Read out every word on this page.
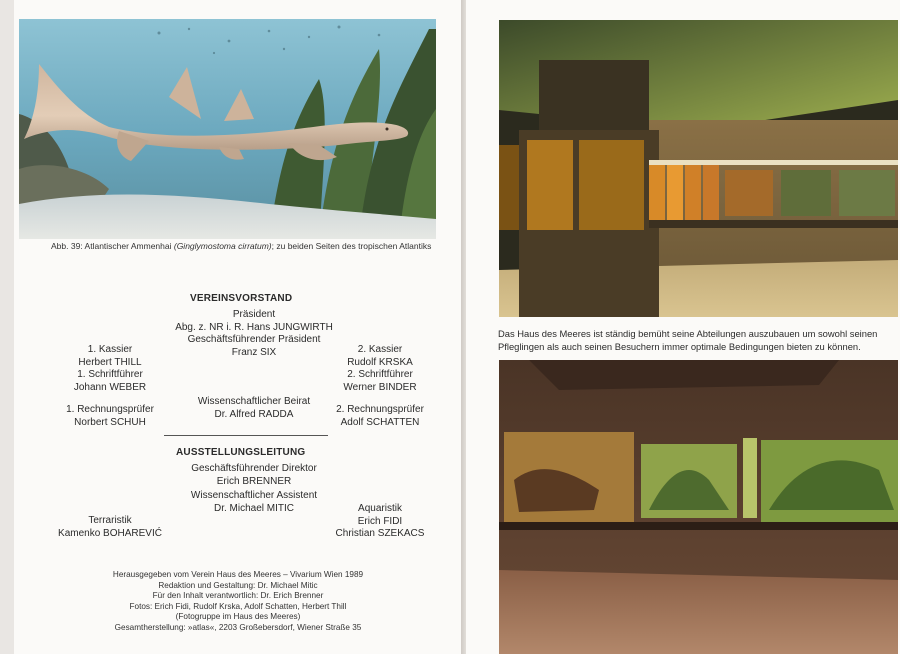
Abb. 39: Atlantischer Ammenhai (Ginglymostoma cirratum); zu beiden Seiten des tropischen Atlantiks
VEREINSVORSTAND
Präsident
Abg. z. NR i. R. Hans JUNGWIRTH
Geschäftsführender Präsident
Franz SIX
1. Kassier
Herbert THILL
2. Kassier
Rudolf KRSKA
1. Schriftführer
Johann WEBER
2. Schriftführer
Werner BINDER
Wissenschaftlicher Beirat
Dr. Alfred RADDA
1. Rechnungsprüfer
Norbert SCHUH
2. Rechnungsprüfer
Adolf SCHATTEN
AUSSTELLUNGSLEITUNG
Geschäftsführender Direktor
Erich BRENNER
Wissenschaftlicher Assistent
Dr. Michael MITIC	Aquaristik
Erich FIDI
Christian SZEKACS
Terraristik
Kamenko BOHAREVIĆ
Herausgegeben vom Verein Haus des Meeres – Vivarium Wien 1989
Redaktion und Gestaltung: Dr. Michael Mitic
Für den Inhalt verantwortlich: Dr. Erich Brenner
Fotos: Erich Fidi, Rudolf Krska, Adolf Schatten, Herbert Thill
(Fotogruppe im Haus des Meeres)
Gesamtherstellung: »atlas«, 2203 Großebersdorf, Wiener Straße 35
Das Haus des Meeres ist ständig bemüht seine Abteilungen auszubauen um sowohl seinen
Pfleglingen als auch seinen Besuchern immer optimale Bedingungen bieten zu können.
